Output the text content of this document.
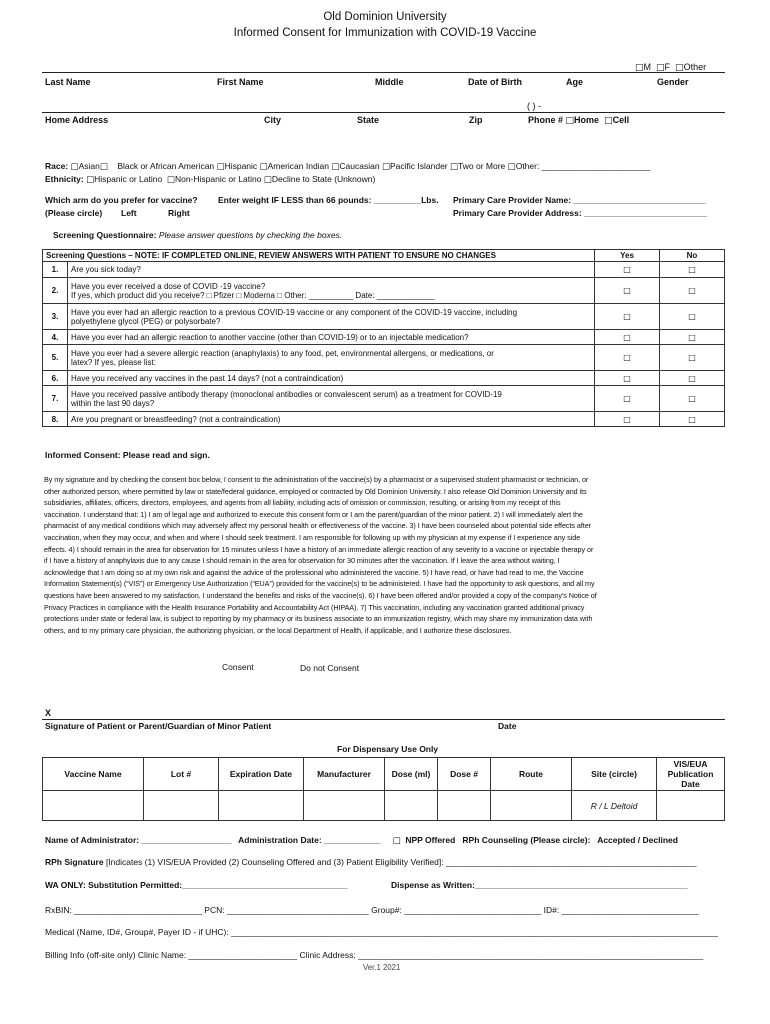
Old Dominion University
Informed Consent for Immunization with COVID-19 Vaccine
□M □F □Other
Last Name	First Name	Middle	Date of Birth	Age	Gender
( ) -
Home Address	City	State	Zip	Phone # □Home □Cell
Race: □Asian□ Black or African American □Hispanic □American Indian □Caucasian □Pacific Islander □Two or More □Other: _______________________
Ethnicity: □Hispanic or Latino □Non-Hispanic or Latino □Decline to State (Unknown)
Which arm do you prefer for vaccine?
(Please circle) Left	Right
Enter weight IF LESS than 66 pounds: __________Lbs. Primary Care Provider Name: ____________________________
Primary Care Provider Address: __________________________
Screening Questionnaire: Please answer questions by checking the boxes.
Screening Questions – NOTE: IF COMPLETED ONLINE, REVIEW ANSWERS WITH PATIENT TO ENSURE NO CHANGES		Yes	No
1.	Are you sick today?	□	□
2.	Have you ever received a dose of COVID -19 vaccine?
If yes, which product did you receive? □ Pfizer □ Moderna □ Other: __________ Date: _____________	□	□
3.	Have you ever had an allergic reaction to a previous COVID-19 vaccine or any component of the COVID-19 vaccine, including
polyethylene glycol (PEG) or polysorbate?	□	□
4.	Have you ever had an allergic reaction to another vaccine (other than COVID-19) or to an injectable medication?	□	□
5.	Have you ever had a severe allergic reaction (anaphylaxis) to any food, pet, environmental allergens, or medications, or
latex? If yes, please list:	□	□
6.	Have you received any vaccines in the past 14 days? (not a contraindication)	□	□
7.	Have you received passive antibody therapy (monoclonal antibodies or convalescent serum) as a treatment for COVID-19
within the last 90 days?	□	□
8.	Are you pregnant or breastfeeding? (not a contraindication)	□	□
Informed Consent: Please read and sign.
By my signature and by checking the consent box below, I consent to the administration of the vaccine(s) by a pharmacist or a supervised student pharmacist or technician, or
other authorized person, where permitted by law or state/federal guidance, employed or contracted by Old Dominion University. I also release Old Dominion University and its
subsidiaries, affiliates, officers, directors, employees, and agents from all liability, including acts of omission or commission, resulting, or arising from my receipt of this
vaccination. I understand that: 1) I am of legal age and authorized to execute this consent form or I am the parent/guardian of the minor patient. 2) I will immediately alert the
pharmacist of any medical conditions which may adversely affect my personal health or effectiveness of the vaccine. 3) I have been counseled about potential side effects after
vaccination, when they may occur, and when and where I should seek treatment. I am responsible for following up with my physician at my expense if I experience any side
effects. 4) I should remain in the area for observation for 15 minutes unless I have a history of an immediate allergic reaction of any severity to a vaccine or injectable therapy or
if I have a history of anaphylaxis due to any cause I should remain in the area for observation for 30 minutes after the vaccination. If I leave the area without waiting, I
acknowledge that I am doing so at my own risk and against the advice of the professional who administered the vaccine. 5) I have read, or have had read to me, the Vaccine
Information Statement(s) (“VIS”) or Emergency Use Authorization (“EUA”) provided for the vaccine(s) to be administered. I have had the opportunity to ask questions, and all my
questions have been answered to my satisfaction. I understand the benefits and risks of the vaccine(s). 6) I have been offered and/or provided a copy of the company’s Notice of
Privacy Practices in compliance with the Health Insurance Portability and Accountability Act (HIPAA). 7) This vaccination, including any vaccination granted additional privacy
protections under state or federal law, is subject to reporting by my pharmacy or its business associate to an immunization registry, which may share my immunization data with
others, and to my primary care physician, the authorizing physician, or the local Department of Health, if applicable, and I authorize these disclosures.
Consent	Do not Consent
X
Signature of Patient or Parent/Guardian of Minor Patient	Date
For Dispensary Use Only
Vaccine Name	Lot #	Expiration Date	Manufacturer	Dose (ml)	Dose #	Route	Site (circle)	VIS/EUA Publication Date
							R / L Deltoid	
Name of Administrator: ___________________ Administration Date: ____________ □ NPP Offered RPh Counseling (Please circle): Accepted / Declined
RPh Signature [Indicates (1) VIS/EUA Provided (2) Counseling Offered and (3) Patient Eligibility Verified]: _____________________________________________________
WA ONLY: Substitution Permitted:___________________________________	Dispense as Written:_____________________________________________
RxBIN: ___________________________ PCN: ______________________________ Group#: _____________________________ ID#: _____________________________
Medical (Name, ID#, Group#, Payer ID - if UHC): _______________________________________________________________________________________________________
Billing Info (off-site only) Clinic Name: _______________________ Clinic Address: _________________________________________________________________________
Ver.1 2021
